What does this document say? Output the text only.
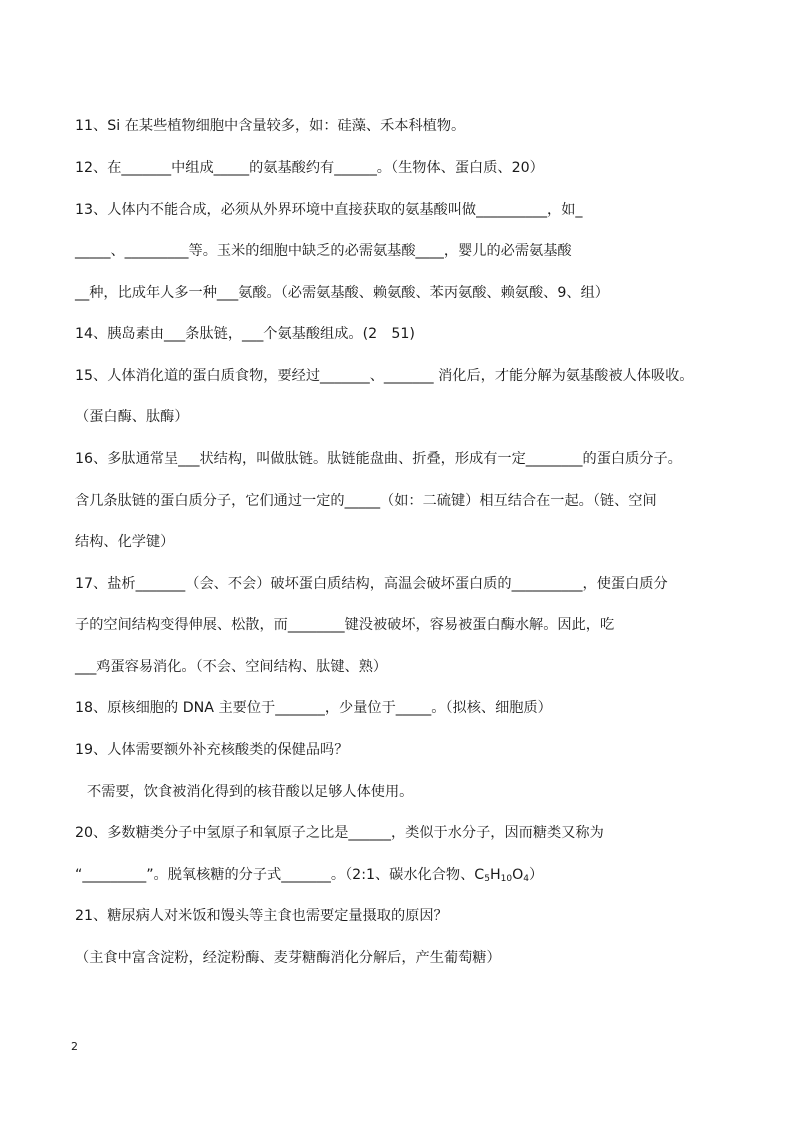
11、Si 在某些植物细胞中含量较多，如：硅藻、禾本科植物。
12、在_______中组成_____的氨基酸约有______。（生物体、蛋白质、20）
13、人体内不能合成，必须从外界环境中直接获取的氨基酸叫做__________，如_
_____、_________等。玉米的细胞中缺乏的必需氨基酸____，婴儿的必需氨基酸
__种，比成年人多一种___氨酸。（必需氨基酸、赖氨酸、苯丙氨酸、赖氨酸、9、组）
14、胰岛素由___条肽链，___个氨基酸组成。(2　51)
15、人体消化道的蛋白质食物，要经过_______、_______ 消化后，才能分解为氨基酸被人体吸收。
（蛋白酶、肽酶）
16、多肽通常呈___状结构，叫做肽链。肽链能盘曲、折叠，形成有一定________的蛋白质分子。
含几条肽链的蛋白质分子，它们通过一定的_____（如：二硫键）相互结合在一起。（链、空间
结构、化学键）
17、盐析_______（会、不会）破坏蛋白质结构，高温会破坏蛋白质的__________，使蛋白质分
子的空间结构变得伸展、松散，而________键没被破坏，容易被蛋白酶水解。因此，吃
___鸡蛋容易消化。（不会、空间结构、肽键、熟）
18、原核细胞的 DNA 主要位于_______，少量位于_____。（拟核、细胞质）
19、人体需要额外补充核酸类的保健品吗？
不需要，饮食被消化得到的核苷酸以足够人体使用。
20、多数糖类分子中氢原子和氧原子之比是______，类似于水分子，因而糖类又称为
“_________”。脱氧核糖的分子式_______。（2:1、碳水化合物、$C_5H_{10}O_4$）
21、糖尿病人对米饭和馒头等主食也需要定量摄取的原因？
（主食中富含淀粉，经淀粉酶、麦芽糖酶消化分解后，产生葡萄糖）
2
